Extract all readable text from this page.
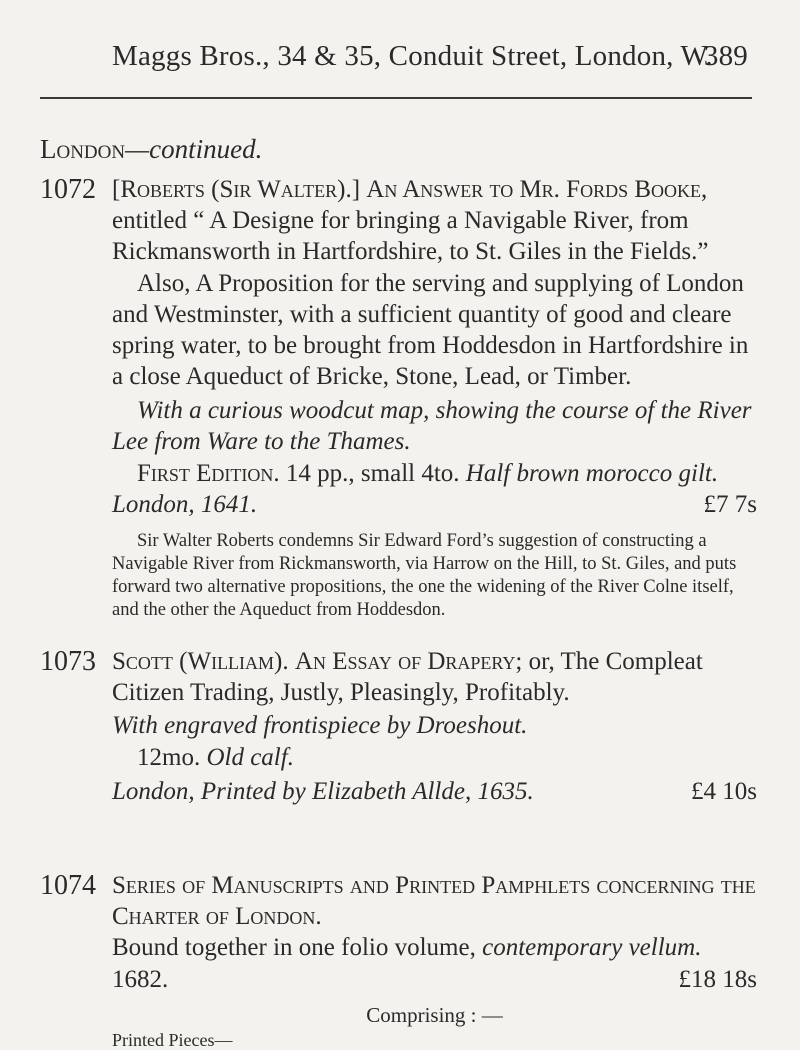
Maggs Bros., 34 & 35, Conduit Street, London, W.
389
London—continued.
1072 [Roberts (Sir Walter).] An Answer to Mr. Fords Booke, entitled “ A Designe for bringing a Navigable River, from Rickmansworth in Hartfordshire, to St. Giles in the Fields.”

Also, A Proposition for the serving and supplying of London and Westminster, with a sufficient quantity of good and cleare spring water, to be brought from Hoddesdon in Hartfordshire in a close Aqueduct of Bricke, Stone, Lead, or Timber.

With a curious woodcut map, showing the course of the River Lee from Ware to the Thames.

First Edition. 14 pp., small 4to. Half brown morocco gilt. London, 1641.	£7 7s

Sir Walter Roberts condemns Sir Edward Ford’s suggestion of constructing a Navigable River from Rickmansworth, via Harrow on the Hill, to St. Giles, and puts forward two alternative propositions, the one the widening of the River Colne itself, and the other the Aqueduct from Hoddesdon.

1073 Scott (William). An Essay of Drapery; or, The Compleat Citizen Trading, Justly, Pleasingly, Profitably.

With engraved frontispiece by Droeshout.

12mo. Old calf.

London, Printed by Elizabeth Allde, 1635.	£4 10s

1074 Series of Manuscripts and Printed Pamphlets concerning the Charter of London.

Bound together in one folio volume, contemporary vellum.

1682.	£18 18s

Comprising : —

Printed Pieces—
